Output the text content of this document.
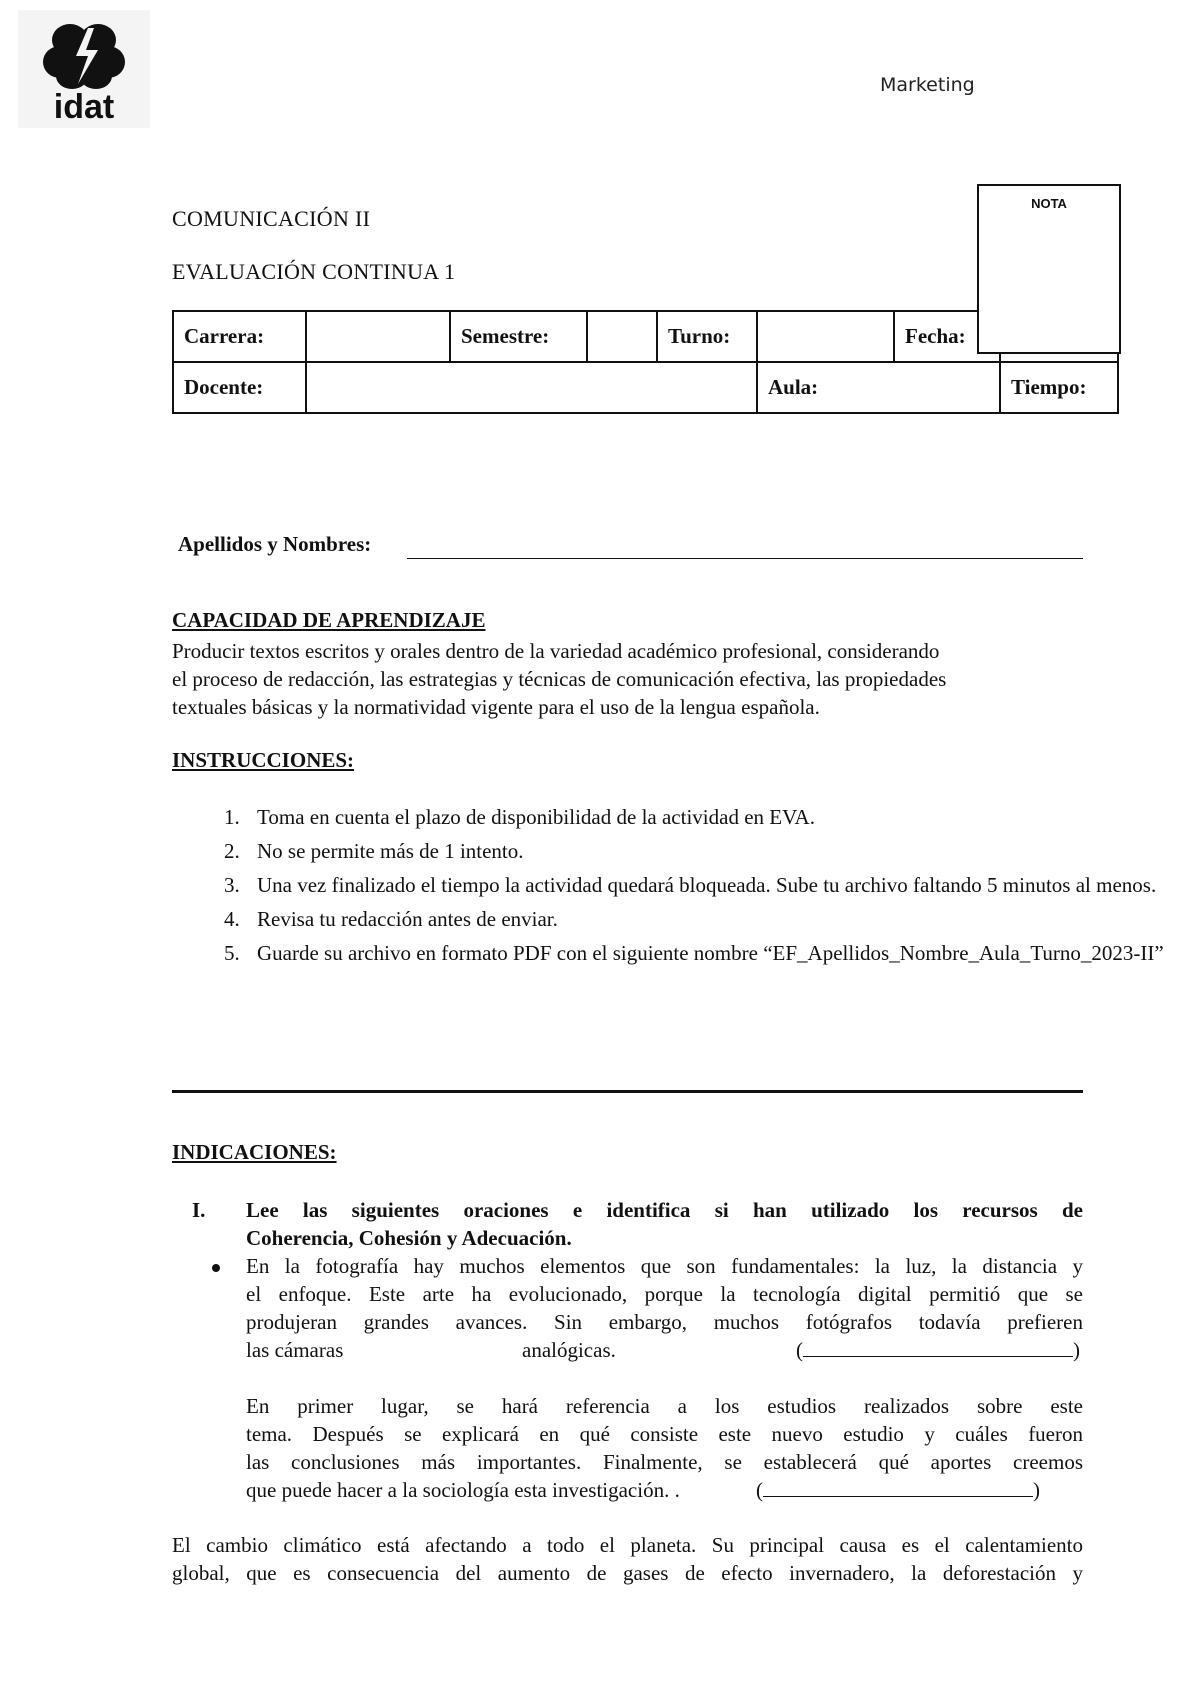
idat
Marketing
COMUNICACIÓN II
EVALUACIÓN CONTINUA 1
Carrera:		Semestre:		Turno:		Fecha:	
Docente:					Aula:		Tiempo:
NOTA
Apellidos y Nombres:
CAPACIDAD DE APRENDIZAJE
Producir textos escritos y orales dentro de la variedad académico profesional, considerando
el proceso de redacción, las estrategias y técnicas de comunicación efectiva, las propiedades
textuales básicas y la normatividad vigente para el uso de la lengua española.
INSTRUCCIONES:
1. Toma en cuenta el plazo de disponibilidad de la actividad en EVA.
2. No se permite más de 1 intento.
3. Una vez finalizado el tiempo la actividad quedará bloqueada. Sube tu archivo faltando 5 minutos al menos.
4. Revisa tu redacción antes de enviar.
5. Guarde su archivo en formato PDF con el siguiente nombre “EF_Apellidos_Nombre_Aula_Turno_2023-II”
INDICACIONES:
I. Lee las siguientes oraciones e identifica si han utilizado los recursos de
Coherencia, Cohesión y Adecuación.
En la fotografía hay muchos elementos que son fundamentales: la luz, la distancia y
el enfoque. Este arte ha evolucionado, porque la tecnología digital permitió que se
produjeran grandes avances. Sin embargo, muchos fotógrafos todavía prefieren
las cámaras	analógicas.	(	)
En primer lugar, se hará referencia a los estudios realizados sobre este
tema. Después se explicará en qué consiste este nuevo estudio y cuáles fueron
las conclusiones más importantes. Finalmente, se establecerá qué aportes creemos
que puede hacer a la sociología esta investigación. .	(	)
El cambio climático está afectando a todo el planeta. Su principal causa es el calentamiento
global, que es consecuencia del aumento de gases de efecto invernadero, la deforestación y
